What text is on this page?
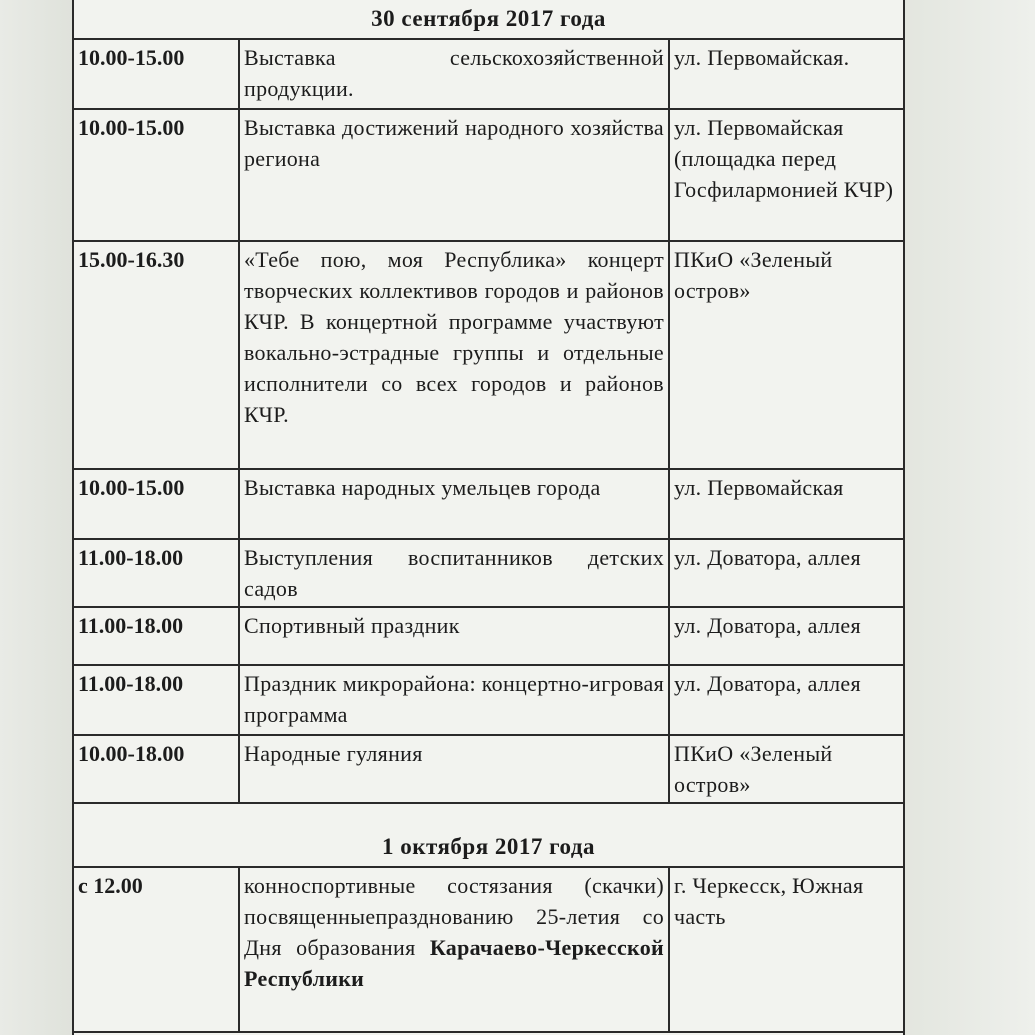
30 сентября 2017 года
10.00-15.00	Выставка сельскохозяйственной продукции.	ул. Первомайская.
10.00-15.00	Выставка достижений народного хозяйства региона	ул. Первомайская (площадка перед Госфилармонией КЧР)
15.00-16.30	«Тебе пою, моя Республика» концерт творческих коллективов городов и районов КЧР. В концертной программе участвуют вокально-эстрадные группы и отдельные исполнители со всех городов и районов КЧР.	ПКиО «Зеленый остров»
10.00-15.00	Выставка народных умельцев города	ул. Первомайская
11.00-18.00	Выступления воспитанников детских садов	ул. Доватора, аллея
11.00-18.00	Спортивный праздник	ул. Доватора, аллея
11.00-18.00	Праздник микрорайона: концертно-игровая программа	ул. Доватора, аллея
10.00-18.00	Народные гуляния	ПКиО «Зеленый остров»
1 октября 2017 года
с 12.00	конноспортивные состязания (скачки) посвященныепразднованию 25-летия со Дня образования Карачаево-Черкесской Республики	г. Черкесск, Южная часть
